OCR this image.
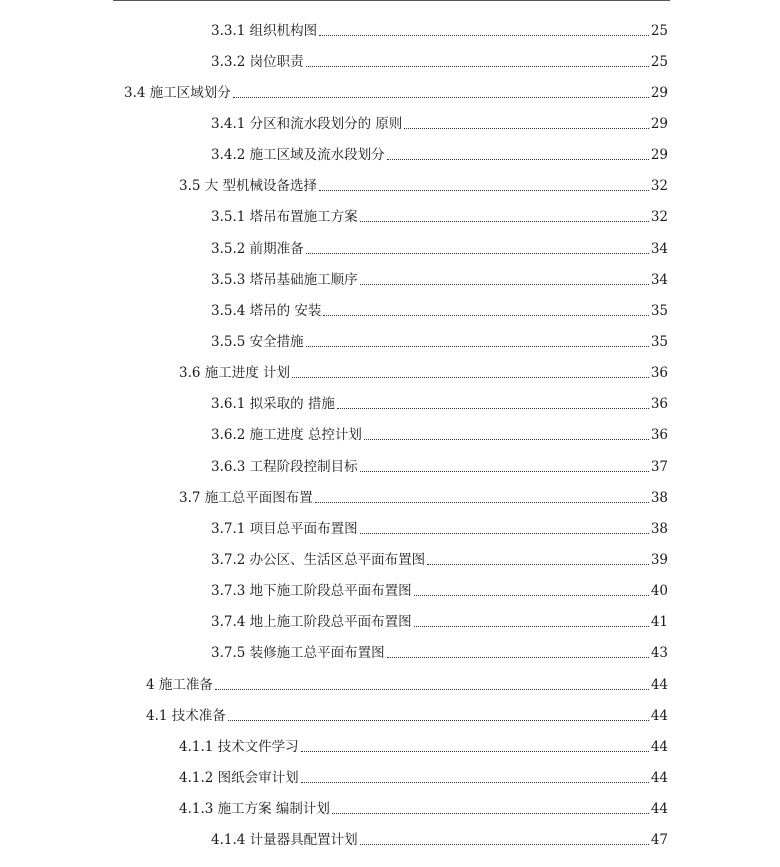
3.3.1 组织机构图	25
3.3.2 岗位职责	25
3.4 施工区域划分	29
3.4.1 分区和流水段划分的 原则	29
3.4.2 施工区域及流水段划分	29
3.5 大 型机械设备选择	32
3.5.1 塔吊布置施工方案	32
3.5.2 前期准备	34
3.5.3 塔吊基础施工顺序	34
3.5.4 塔吊的 安装	35
3.5.5 安全措施	35
3.6 施工进度 计划	36
3.6.1 拟采取的 措施	36
3.6.2 施工进度 总控计划	36
3.6.3 工程阶段控制目标	37
3.7 施工总平面图布置	38
3.7.1 项目总平面布置图	38
3.7.2 办公区、生活区总平面布置图	39
3.7.3 地下施工阶段总平面布置图	40
3.7.4 地上施工阶段总平面布置图	41
3.7.5 装修施工总平面布置图	43
4 施工准备	44
4.1 技术准备	44
4.1.1 技术文件学习	44
4.1.2 图纸会审计划	44
4.1.3 施工方案 编制计划	44
4.1.4 计量器具配置计划	47
